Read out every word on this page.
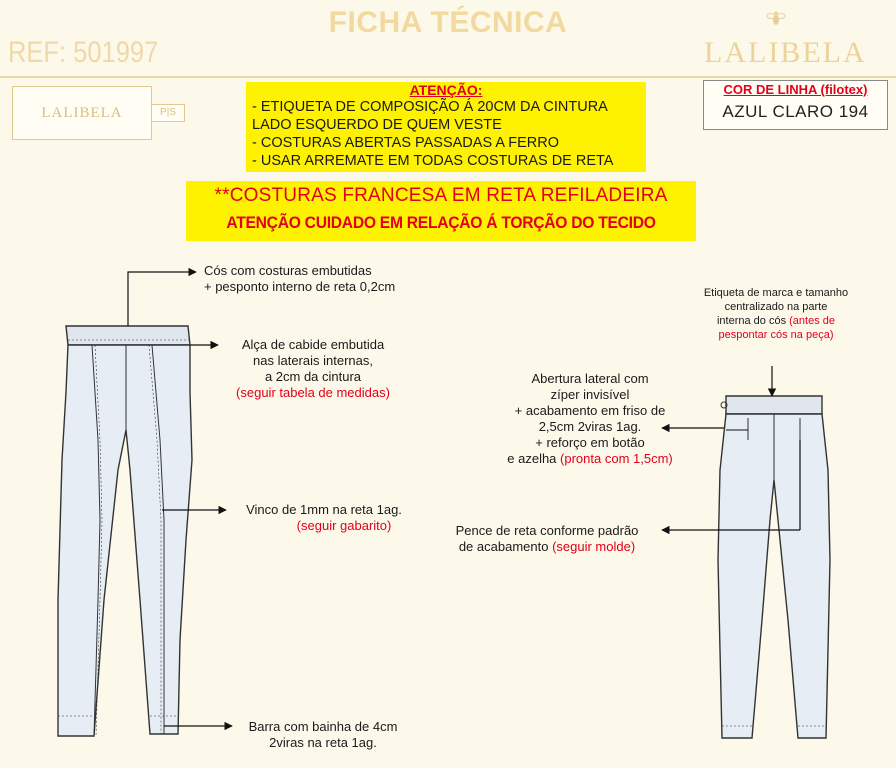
FICHA TÉCNICA
REF: 501997	LALIBELA
LALIBELA	P|S
ATENÇÃO:
- ETIQUETA DE COMPOSIÇÃO Á 20CM DA CINTURA
LADO ESQUERDO DE QUEM VESTE
- COSTURAS ABERTAS PASSADAS A FERRO
- USAR ARREMATE EM TODAS COSTURAS DE RETA
COR DE LINHA (filotex)
AZUL CLARO 194
**COSTURAS FRANCESA EM RETA REFILADEIRA
ATENÇÃO CUIDADO EM RELAÇÃO Á TORÇÃO DO TECIDO
Cós com costuras embutidas
+ pesponto interno de reta 0,2cm
Alça de cabide embutida
nas laterais internas,
a 2cm da cintura
(seguir tabela de medidas)
Vinco de 1mm na reta 1ag.
(seguir gabarito)
Barra com bainha de 4cm
2viras na reta 1ag.
Etiqueta de marca e tamanho
centralizado na parte
interna do cós (antes de
pespontar cós na peça)
Abertura lateral com
zíper invisível
+ acabamento em friso de
2,5cm 2viras 1ag.
+ reforço em botão
e azelha (pronta com 1,5cm)
Pence de reta conforme padrão
de acabamento (seguir molde)
